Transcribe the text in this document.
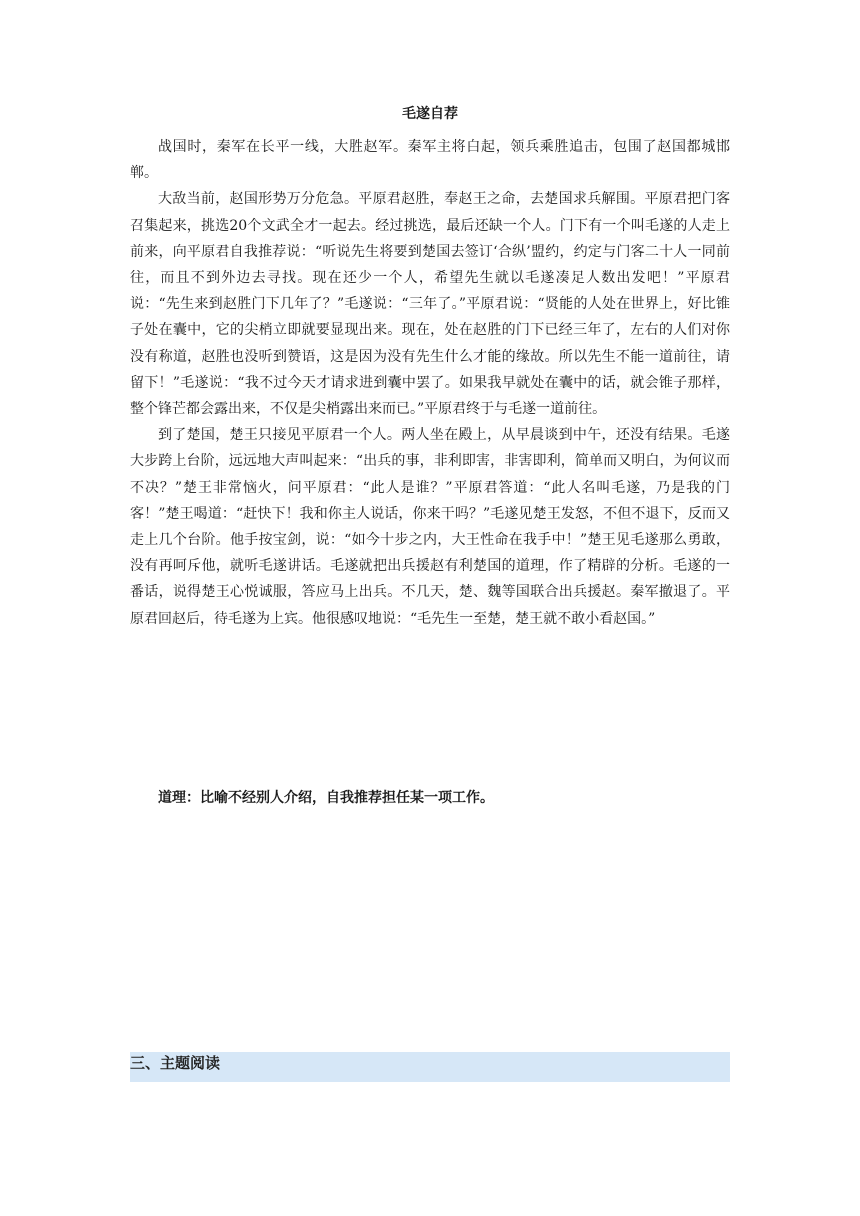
毛遂自荐

战国时，秦军在长平一线，大胜赵军。秦军主将白起，领兵乘胜追击，包围了赵国都城邯郸。

大敌当前，赵国形势万分危急。平原君赵胜，奉赵王之命，去楚国求兵解围。平原君把门客召集起来，挑选20个文武全才一起去。经过挑选，最后还缺一个人。门下有一个叫毛遂的人走上前来，向平原君自我推荐说：“听说先生将要到楚国去签订‘合纵’盟约，约定与门客二十人一同前往，而且不到外边去寻找。现在还少一个人，希望先生就以毛遂凑足人数出发吧！”平原君说：“先生来到赵胜门下几年了？”毛遂说：“三年了。”平原君说：“贤能的人处在世界上，好比锥子处在囊中，它的尖梢立即就要显现出来。现在，处在赵胜的门下已经三年了，左右的人们对你没有称道，赵胜也没听到赞语，这是因为没有先生什么才能的缘故。所以先生不能一道前往，请留下！”毛遂说：“我不过今天才请求进到囊中罢了。如果我早就处在囊中的话，就会锥子那样，整个锋芒都会露出来，不仅是尖梢露出来而已。”平原君终于与毛遂一道前往。

到了楚国，楚王只接见平原君一个人。两人坐在殿上，从早晨谈到中午，还没有结果。毛遂大步跨上台阶，远远地大声叫起来：“出兵的事，非利即害，非害即利，简单而又明白，为何议而不决？”楚王非常恼火，问平原君：“此人是谁？”平原君答道：“此人名叫毛遂，乃是我的门客！”楚王喝道：“赶快下！我和你主人说话，你来干吗？”毛遂见楚王发怒，不但不退下，反而又走上几个台阶。他手按宝剑，说：“如今十步之内，大王性命在我手中！”楚王见毛遂那么勇敢，没有再呵斥他，就听毛遂讲话。毛遂就把出兵援赵有利楚国的道理，作了精辟的分析。毛遂的一番话，说得楚王心悦诚服，答应马上出兵。不几天，楚、魏等国联合出兵援赵。秦军撤退了。平原君回赵后，待毛遂为上宾。他很感叹地说：“毛先生一至楚，楚王就不敢小看赵国。”

道理：比喻不经别人介绍，自我推荐担任某一项工作。

三、主题阅读
